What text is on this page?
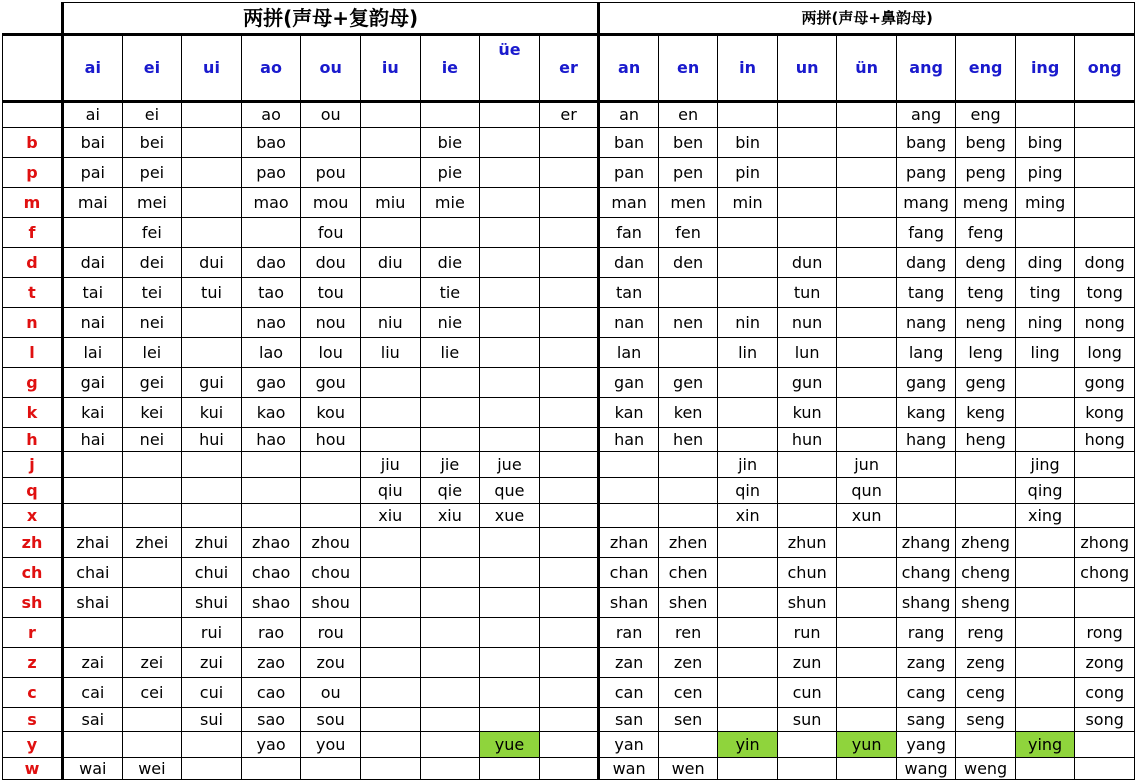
	两拼(声母+复韵母)									两拼(声母+鼻韵母)								
	ai	ei	ui	ao	ou	iu	ie	üe	er	an	en	in	un	ün	ang	eng	ing	ong
	ai	ei		ao	ou				er	an	en				ang	eng		
b	bai	bei		bao			bie			ban	ben	bin			bang	beng	bing	
p	pai	pei		pao	pou		pie			pan	pen	pin			pang	peng	ping	
m	mai	mei		mao	mou	miu	mie			man	men	min			mang	meng	ming	
f		fei			fou					fan	fen				fang	feng		
d	dai	dei	dui	dao	dou	diu	die			dan	den		dun		dang	deng	ding	dong
t	tai	tei	tui	tao	tou		tie			tan			tun		tang	teng	ting	tong
n	nai	nei		nao	nou	niu	nie			nan	nen	nin	nun		nang	neng	ning	nong
l	lai	lei		lao	lou	liu	lie			lan		lin	lun		lang	leng	ling	long
g	gai	gei	gui	gao	gou					gan	gen		gun		gang	geng		gong
k	kai	kei	kui	kao	kou					kan	ken		kun		kang	keng		kong
h	hai	nei	hui	hao	hou					han	hen		hun		hang	heng		hong
j						jiu	jie	jue				jin		jun			jing	
q						qiu	qie	que				qin		qun			qing	
x						xiu	xiu	xue				xin		xun			xing	
zh	zhai	zhei	zhui	zhao	zhou					zhan	zhen		zhun		zhang	zheng		zhong
ch	chai		chui	chao	chou					chan	chen		chun		chang	cheng		chong
sh	shai		shui	shao	shou					shan	shen		shun		shang	sheng		
r			rui	rao	rou					ran	ren		run		rang	reng		rong
z	zai	zei	zui	zao	zou					zan	zen		zun		zang	zeng		zong
c	cai	cei	cui	cao	ou					can	cen		cun		cang	ceng		cong
s	sai		sui	sao	sou					san	sen		sun		sang	seng		song
y				yao	you			yue		yan		yin		yun	yang		ying	
w	wai	wei								wan	wen				wang	weng		
